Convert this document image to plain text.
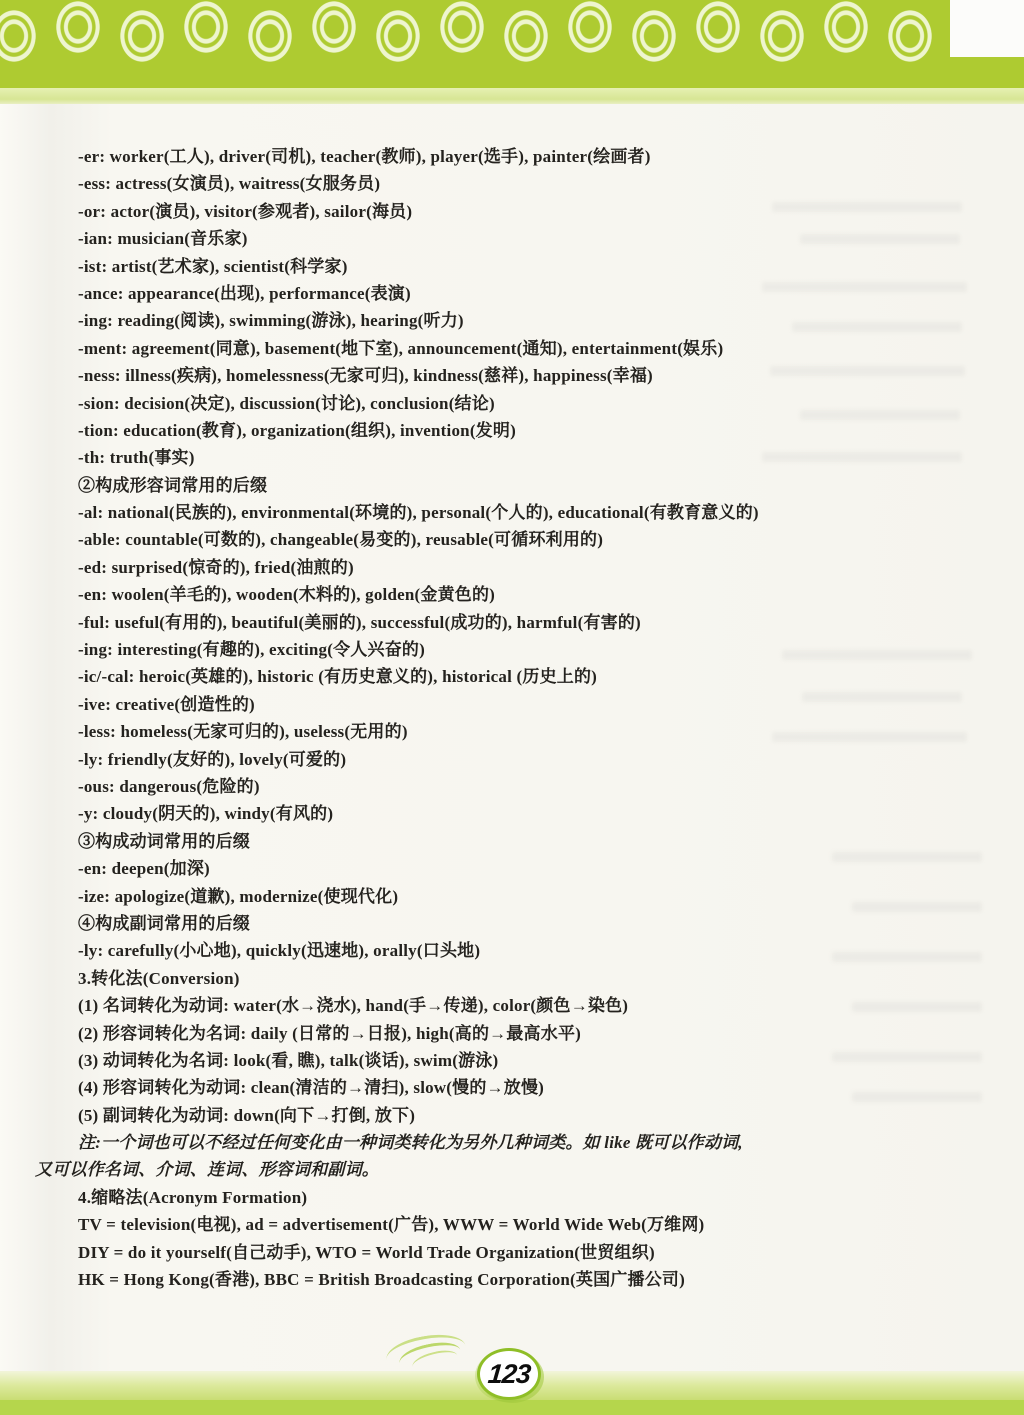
-er: worker(工人), driver(司机), teacher(教师), player(选手), painter(绘画者)
-ess: actress(女演员), waitress(女服务员)
-or: actor(演员), visitor(参观者), sailor(海员)
-ian: musician(音乐家)
-ist: artist(艺术家), scientist(科学家)
-ance: appearance(出现), performance(表演)
-ing: reading(阅读), swimming(游泳), hearing(听力)
-ment: agreement(同意), basement(地下室), announcement(通知), entertainment(娱乐)
-ness: illness(疾病), homelessness(无家可归), kindness(慈祥), happiness(幸福)
-sion: decision(决定), discussion(讨论), conclusion(结论)
-tion: education(教育), organization(组织), invention(发明)
-th: truth(事实)
②构成形容词常用的后缀
-al: national(民族的), environmental(环境的), personal(个人的), educational(有教育意义的)
-able: countable(可数的), changeable(易变的), reusable(可循环利用的)
-ed: surprised(惊奇的), fried(油煎的)
-en: woolen(羊毛的), wooden(木料的), golden(金黄色的)
-ful: useful(有用的), beautiful(美丽的), successful(成功的), harmful(有害的)
-ing: interesting(有趣的), exciting(令人兴奋的)
-ic/-cal: heroic(英雄的), historic (有历史意义的), historical (历史上的)
-ive: creative(创造性的)
-less: homeless(无家可归的), useless(无用的)
-ly: friendly(友好的), lovely(可爱的)
-ous: dangerous(危险的)
-y: cloudy(阴天的), windy(有风的)
③构成动词常用的后缀
-en: deepen(加深)
-ize: apologize(道歉), modernize(使现代化)
④构成副词常用的后缀
-ly: carefully(小心地), quickly(迅速地), orally(口头地)
3.转化法(Conversion)
(1) 名词转化为动词: water(水→浇水), hand(手→传递), color(颜色→染色)
(2) 形容词转化为名词: daily (日常的→日报), high(高的→最高水平)
(3) 动词转化为名词: look(看, 瞧), talk(谈话), swim(游泳)
(4) 形容词转化为动词: clean(清洁的→清扫), slow(慢的→放慢)
(5) 副词转化为动词: down(向下→打倒, 放下)
注:一个词也可以不经过任何变化由一种词类转化为另外几种词类。如 like 既可以作动词,
又可以作名词、介词、连词、形容词和副词。
4.缩略法(Acronym Formation)
TV = television(电视), ad = advertisement(广告), WWW = World Wide Web(万维网)
DIY = do it yourself(自己动手), WTO = World Trade Organization(世贸组织)
HK = Hong Kong(香港), BBC = British Broadcasting Corporation(英国广播公司)
123
